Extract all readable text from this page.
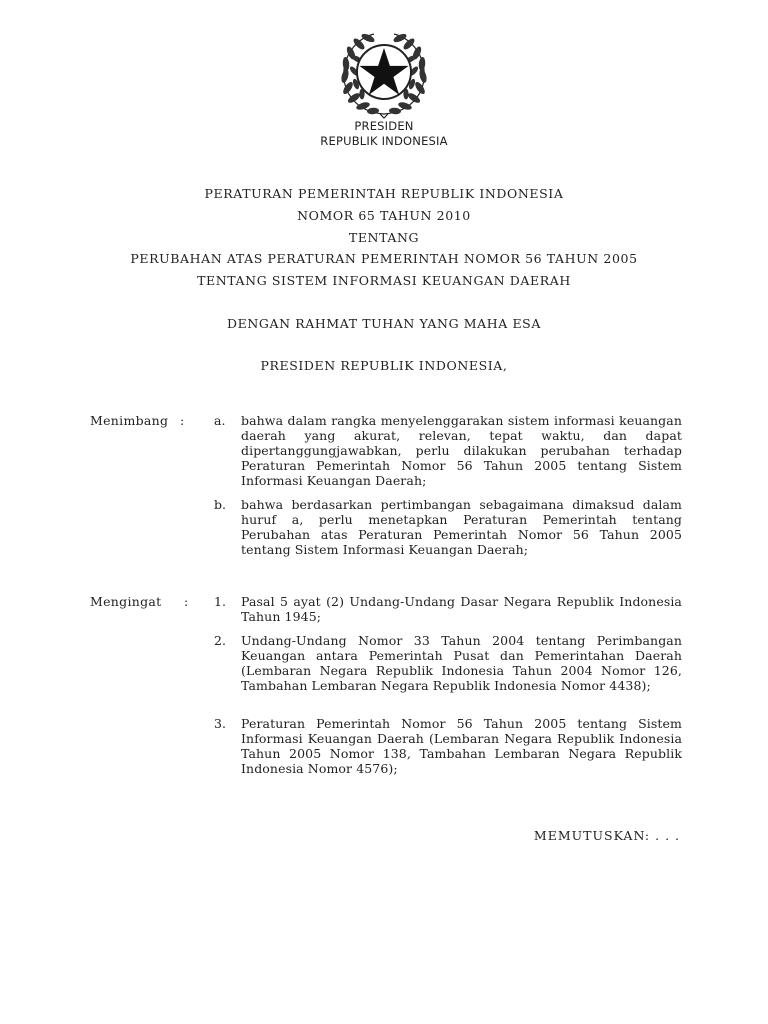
PRESIDEN
REPUBLIK INDONESIA
PERATURAN PEMERINTAH REPUBLIK INDONESIA
NOMOR 65 TAHUN 2010
TENTANG
PERUBAHAN ATAS PERATURAN PEMERINTAH NOMOR 56 TAHUN 2005
TENTANG SISTEM INFORMASI KEUANGAN DAERAH
DENGAN RAHMAT TUHAN YANG MAHA ESA
PRESIDEN REPUBLIK INDONESIA,
Menimbang : a. bahwa dalam rangka menyelenggarakan sistem informasi keuangan daerah yang akurat, relevan, tepat waktu, dan dapat dipertanggungjawabkan, perlu dilakukan perubahan terhadap Peraturan Pemerintah Nomor 56 Tahun 2005 tentang Sistem Informasi Keuangan Daerah;
b. bahwa berdasarkan pertimbangan sebagaimana dimaksud dalam huruf a, perlu menetapkan Peraturan Pemerintah tentang Perubahan atas Peraturan Pemerintah Nomor 56 Tahun 2005 tentang Sistem Informasi Keuangan Daerah;
Mengingat : 1. Pasal 5 ayat (2) Undang-Undang Dasar Negara Republik Indonesia Tahun 1945;
2. Undang-Undang Nomor 33 Tahun 2004 tentang Perimbangan Keuangan antara Pemerintah Pusat dan Pemerintahan Daerah (Lembaran Negara Republik Indonesia Tahun 2004 Nomor 126, Tambahan Lembaran Negara Republik Indonesia Nomor 4438);
3. Peraturan Pemerintah Nomor 56 Tahun 2005 tentang Sistem Informasi Keuangan Daerah (Lembaran Negara Republik Indonesia Tahun 2005 Nomor 138, Tambahan Lembaran Negara Republik Indonesia Nomor 4576);
MEMUTUSKAN: . . .
